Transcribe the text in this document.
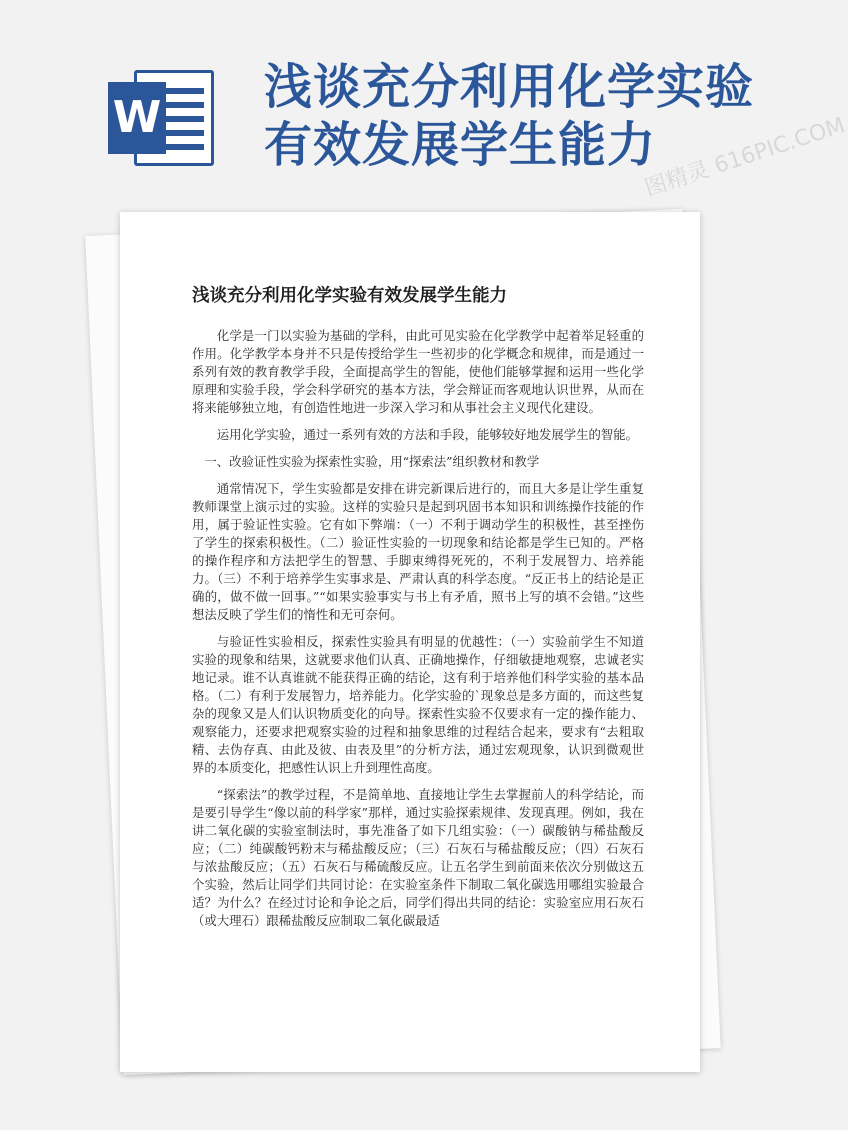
W
浅谈充分利用化学实验
有效发展学生能力
浅谈充分利用化学实验有效发展学生能力

化学是一门以实验为基础的学科，由此可见实验在化学教学中起着举足轻重的作用。化学教学本身并不只是传授给学生一些初步的化学概念和规律，而是通过一系列有效的教育教学手段，全面提高学生的智能，使他们能够掌握和运用一些化学原理和实验手段，学会科学研究的基本方法，学会辩证而客观地认识世界，从而在将来能够独立地，有创造性地进一步深入学习和从事社会主义现代化建设。

运用化学实验，通过一系列有效的方法和手段，能够较好地发展学生的智能。

一、改验证性实验为探索性实验，用“探索法”组织教材和教学

通常情况下，学生实验都是安排在讲完新课后进行的，而且大多是让学生重复教师课堂上演示过的实验。这样的实验只是起到巩固书本知识和训练操作技能的作用，属于验证性实验。它有如下弊端：（一）不利于调动学生的积极性，甚至挫伤了学生的探索积极性。（二）验证性实验的一切现象和结论都是学生已知的。严格的操作程序和方法把学生的智慧、手脚束缚得死死的，不利于发展智力、培养能力。（三）不利于培养学生实事求是、严肃认真的科学态度。“反正书上的结论是正确的，做不做一回事。”“如果实验事实与书上有矛盾，照书上写的填不会错。”这些想法反映了学生们的惰性和无可奈何。

与验证性实验相反，探索性实验具有明显的优越性：（一）实验前学生不知道实验的现象和结果，这就要求他们认真、正确地操作，仔细敏捷地观察，忠诚老实地记录。谁不认真谁就不能获得正确的结论，这有利于培养他们科学实验的基本品格。（二）有利于发展智力，培养能力。化学实验的`现象总是多方面的，而这些复杂的现象又是人们认识物质变化的向导。探索性实验不仅要求有一定的操作能力、观察能力，还要求把观察实验的过程和抽象思维的过程结合起来，要求有“去粗取精、去伪存真、由此及彼、由表及里”的分析方法，通过宏观现象，认识到微观世界的本质变化，把感性认识上升到理性高度。

“探索法”的教学过程，不是简单地、直接地让学生去掌握前人的科学结论，而是要引导学生“像以前的科学家”那样，通过实验探索规律、发现真理。例如，我在讲二氧化碳的实验室制法时，事先准备了如下几组实验：（一）碳酸钠与稀盐酸反应；（二）纯碳酸钙粉末与稀盐酸反应；（三）石灰石与稀盐酸反应；（四）石灰石与浓盐酸反应；（五）石灰石与稀硫酸反应。让五名学生到前面来依次分别做这五个实验，然后让同学们共同讨论：在实验室条件下制取二氧化碳选用哪组实验最合适？为什么？在经过讨论和争论之后，同学们得出共同的结论：实验室应用石灰石（或大理石）跟稀盐酸反应制取二氧化碳最适

图精灵 616PIC.COM
